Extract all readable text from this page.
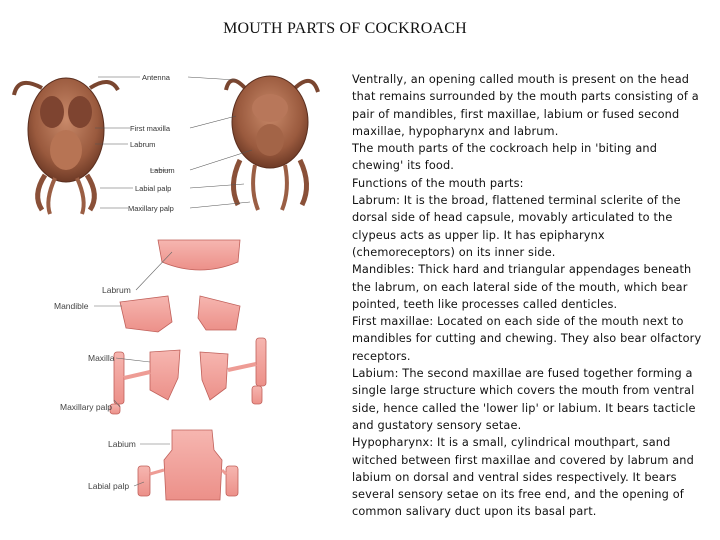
MOUTH PARTS OF COCKROACH
Antenna
First maxilla
Labrum
Labium
Labial palp
Maxillary palp
Labrum
Mandible
Maxilla
Maxillary palp
Labium
Labial palp

Ventrally, an opening called mouth is present on the head that remains surrounded by the mouth parts consisting of a pair of mandibles, first maxillae, labium or fused second maxillae, hypopharynx and labrum.

The mouth parts of the cockroach help in 'biting and chewing' its food.

Functions of the mouth parts:

Labrum: It is the broad, flattened terminal sclerite of the dorsal side of head capsule, movably articulated to the clypeus acts as upper lip. It has epipharynx (chemoreceptors) on its inner side.

Mandibles: Thick hard and triangular appendages beneath the labrum, on each lateral side of the mouth, which bear pointed, teeth like processes called denticles.

First maxillae: Located on each side of the mouth next to mandibles for cutting and chewing. They also bear olfactory receptors.

Labium: The second maxillae are fused together forming a single large structure which covers the mouth from ventral side, hence called the 'lower lip' or labium. It bears tacticle and gustatory sensory setae.

Hypopharynx: It is a small, cylindrical mouthpart, sand witched between first maxillae and covered by labrum and labium on dorsal and ventral sides respectively. It bears several sensory setae on its free end, and the opening of common salivary duct upon its basal part.
